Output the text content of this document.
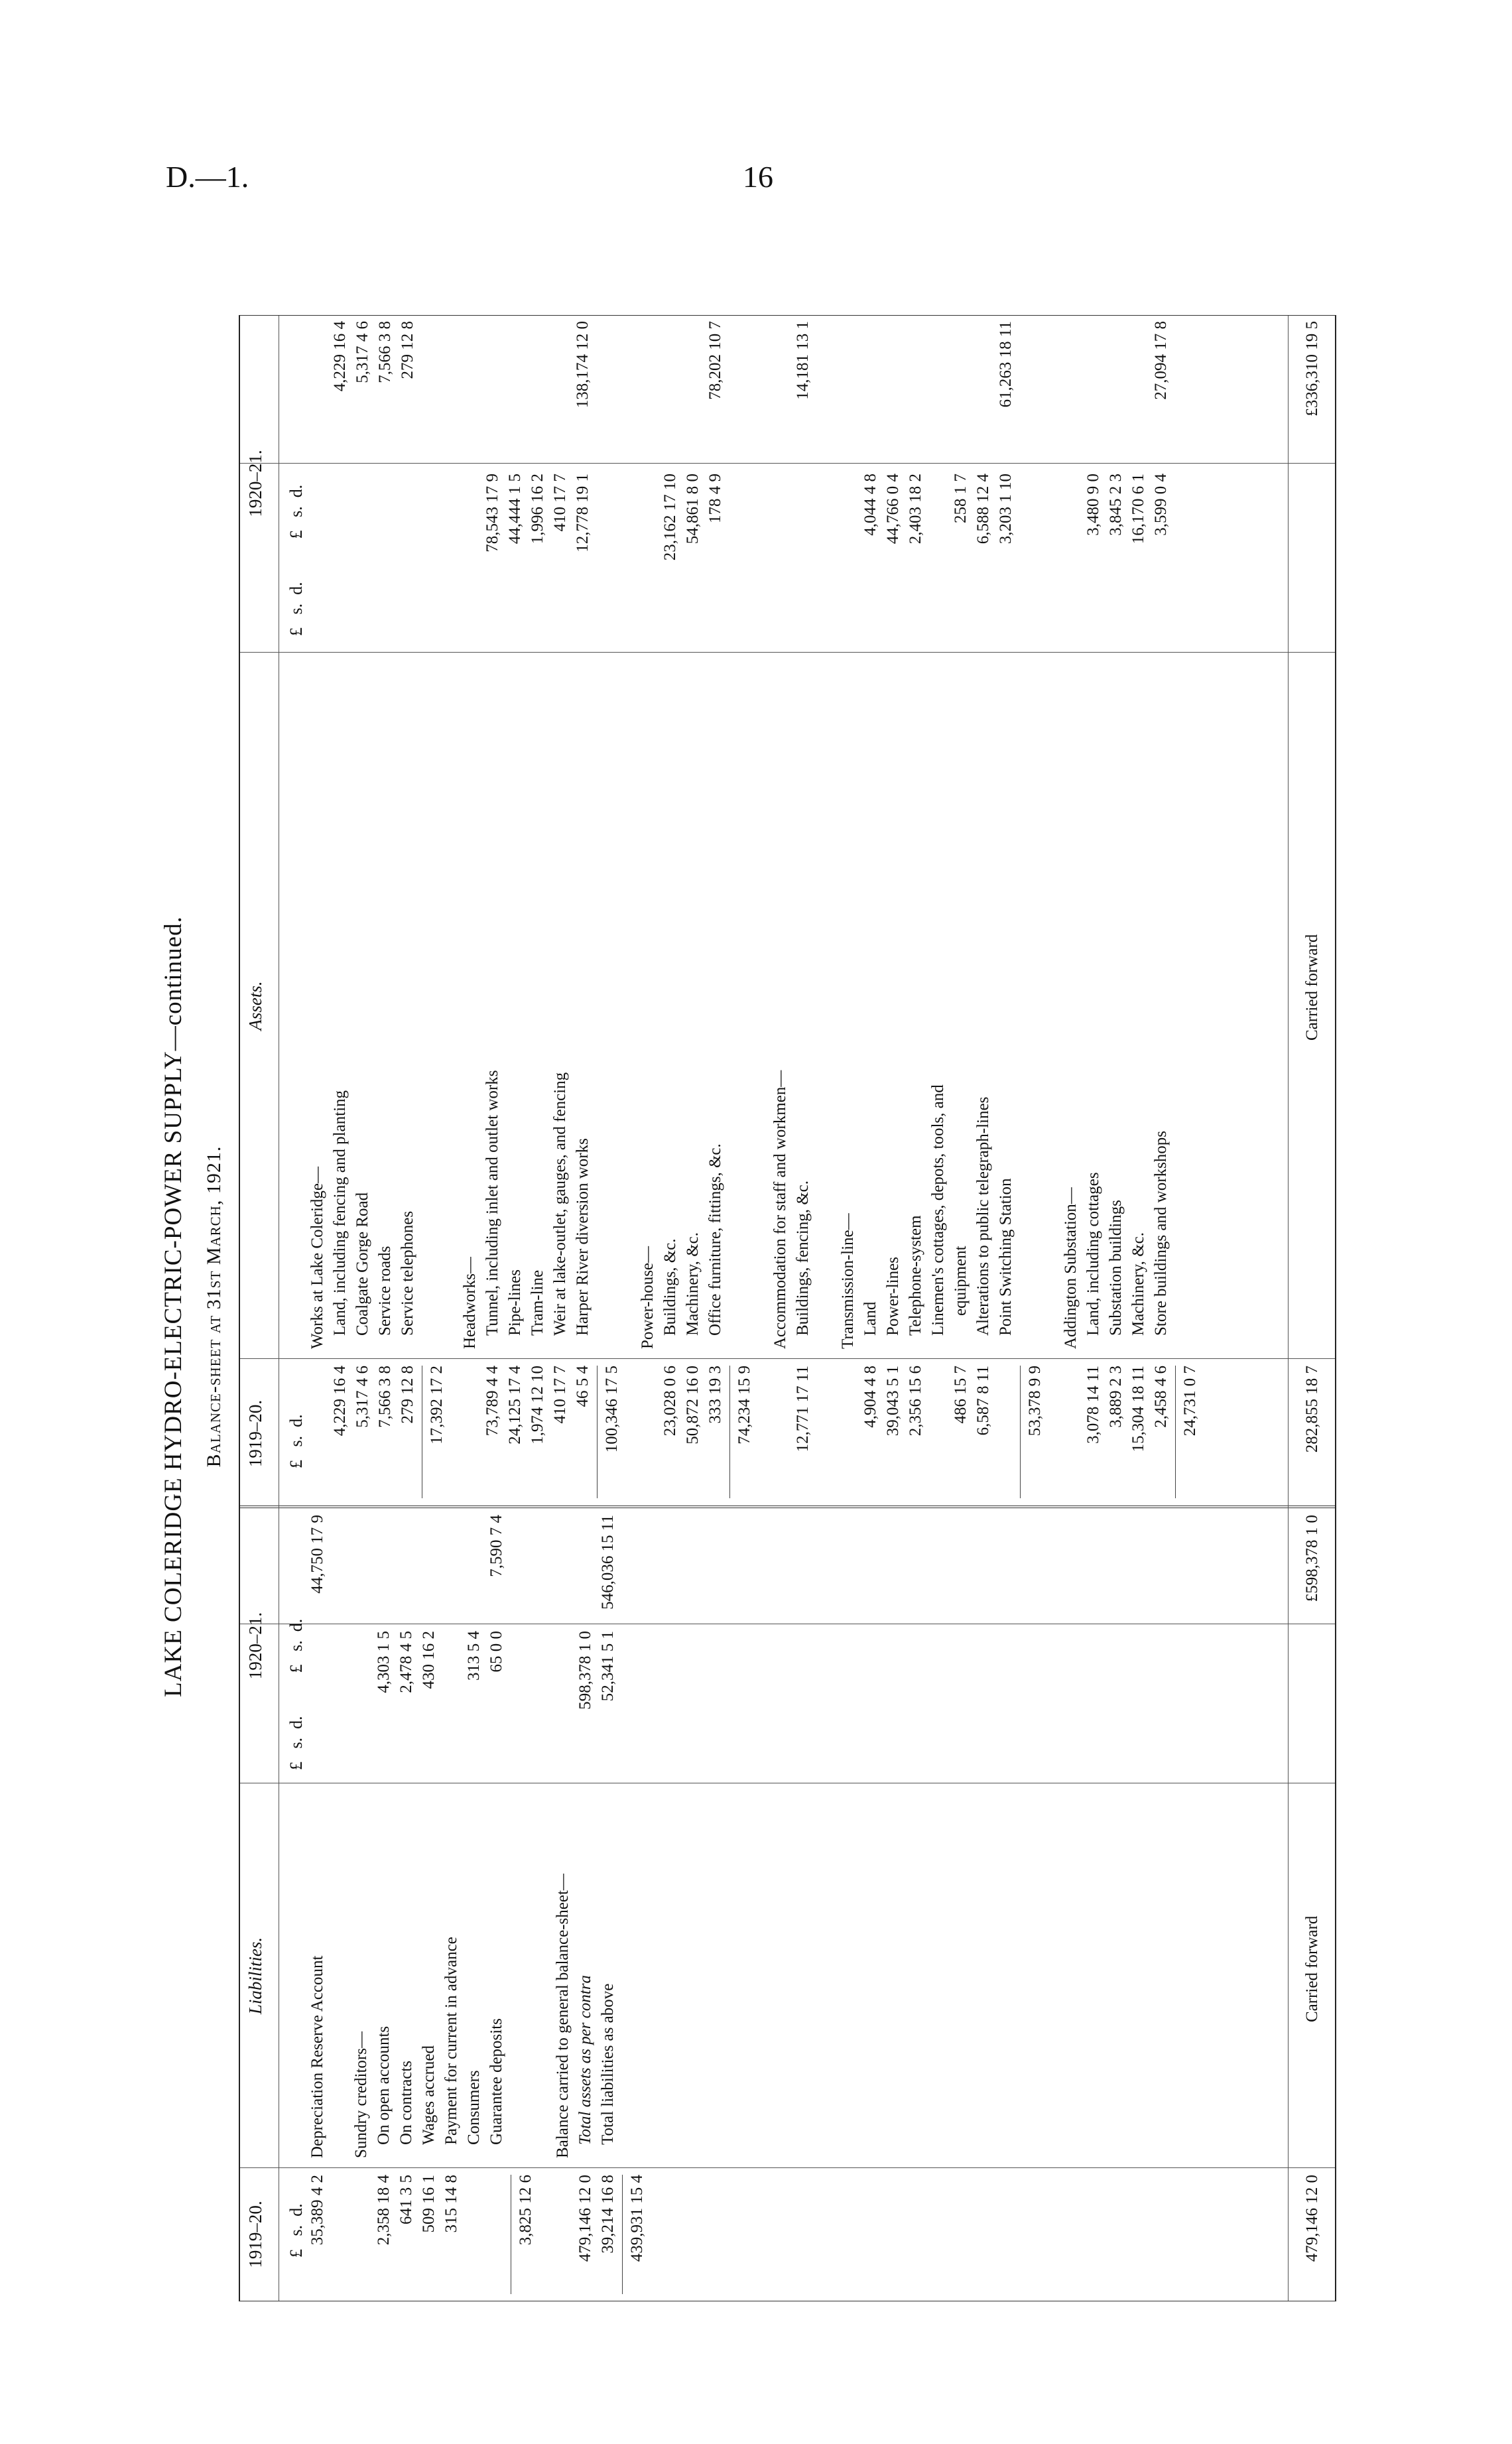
D.—1.	16
LAKE COLERIDGE HYDRO-ELECTRIC-POWER SUPPLY—continued. Balance-sheet at 31st March, 1921.
1919–20.
Liabilities.
1920–21.
1919–20.
Assets.
1920–21.
£   s.  d.
£   s.  d.          £   s.  d.
£   s.  d.
£   s.  d.          £   s.  d.
35,389 4 2
Depreciation Reserve Account
44,750 17 9
Sundry creditors—
2,358 18 4
On open accounts
4,303 1 5
641 3 5
On contracts
2,478 4 5
509 16 1
Wages accrued
430 16 2
315 14 8
Payment for current in advance Consumers
313 5 4
Guarantee deposits
65 0 0
3,825 12 6
7,590 7 4
Balance carried to general balance-sheet—
479,146 12 0
Total assets as per contra
598,378 1 0
39,214 16 8
Total liabilities as above
52,341 5 1
439,931 15 4
546,036 15 11
479,146 12 0
Carried forward
£598,378 1 0
Works at Lake Coleridge—
4,229 16 4
Land, including fencing and planting
4,229 16 4
5,317 4 6
Coalgate Gorge Road
5,317 4 6
7,566 3 8
Service roads
7,566 3 8
279 12 8
Service telephones
279 12 8
17,392 17 2
Headworks—
73,789 4 4
Tunnel, including inlet and outlet works
78,543 17 9
24,125 17 4
Pipe-lines
44,444 1 5
1,974 12 10
Tram-line
1,996 16 2
410 17 7
Weir at lake-outlet, gauges, and fencing
410 17 7
46 5 4
Harper River diversion works
12,778 19 1
100,346 17 5
138,174 12 0
Power-house—
23,028 0 6
Buildings, &c.
23,162 17 10
50,872 16 0
Machinery, &c.
54,861 8 0
333 19 3
Office furniture, fittings, &c.
178 4 9
74,234 15 9
78,202 10 7
Accommodation for staff and workmen—
12,771 17 11
Buildings, fencing, &c.
14,181 13 1
Transmission-line—
4,904 4 8
Land
4,044 4 8
39,043 5 1
Power-lines
44,766 0 4
2,356 15 6
Telephone-system
2,403 18 2
Linemen's cottages, depots, tools, and
486 15 7
equipment
258 1 7
6,587 8 11
Alterations to public telegraph-lines
6,588 12 4
Point Switching Station
3,203 1 10
53,378 9 9
61,263 18 11
Addington Substation—
3,078 14 11
Land, including cottages
3,480 9 0
3,889 2 3
Substation buildings
3,845 2 3
15,304 18 11
Machinery, &c.
16,170 6 1
2,458 4 6
Store buildings and workshops
3,599 0 4
24,731 0 7
27,094 17 8
282,855 18 7
Carried forward
£336,310 19 5
